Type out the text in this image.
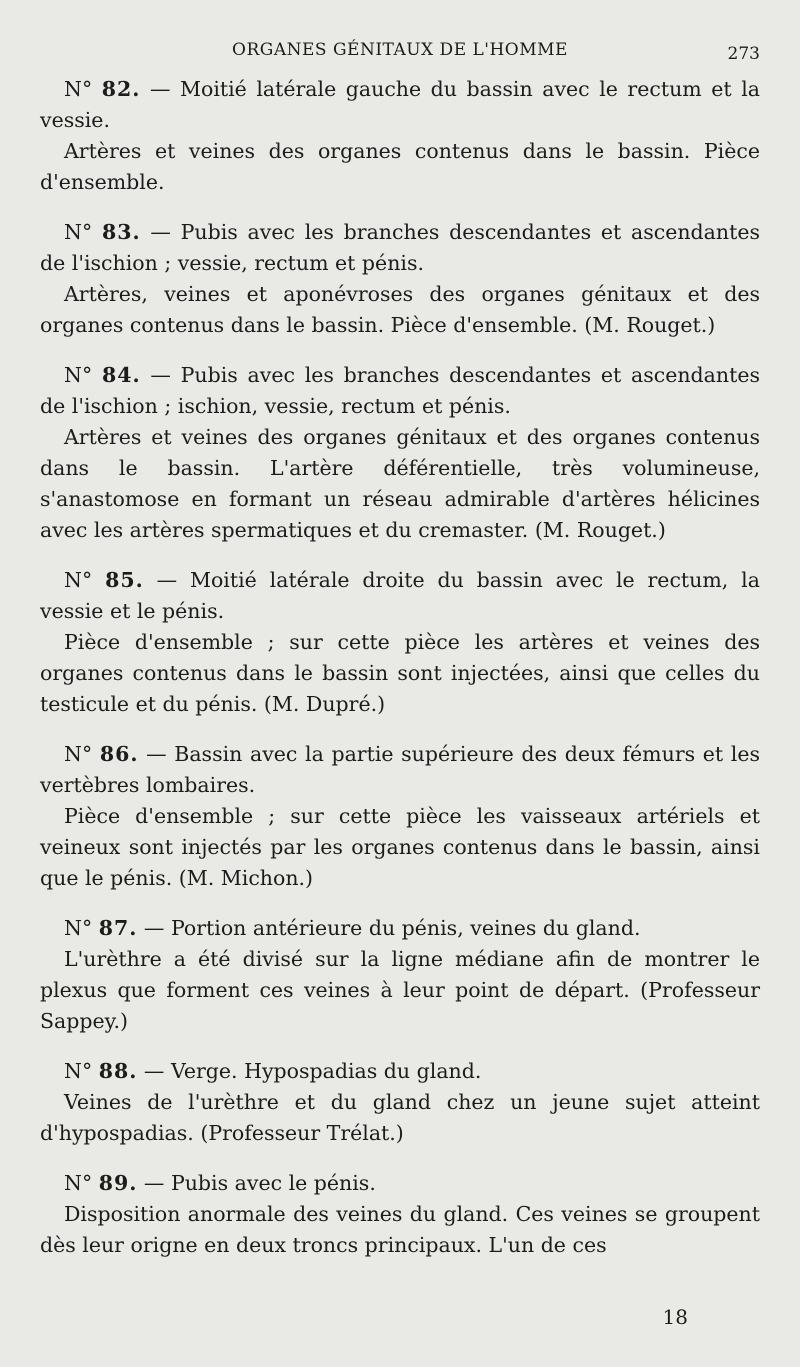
ORGANES GÉNITAUX DE L'HOMME	273

N° 82. — Moitié latérale gauche du bassin avec le rectum et la vessie.

Artères et veines des organes contenus dans le bassin. Pièce d'ensemble.

N° 83. — Pubis avec les branches descendantes et ascendantes de l'ischion ; vessie, rectum et pénis.

Artères, veines et aponévroses des organes génitaux et des organes contenus dans le bassin. Pièce d'ensemble. (M. Rouget.)

N° 84. — Pubis avec les branches descendantes et ascendantes de l'ischion ; ischion, vessie, rectum et pénis.

Artères et veines des organes génitaux et des organes contenus dans le bassin. L'artère déférentielle, très volumineuse, s'anastomose en formant un réseau admirable d'artères hélicines avec les artères spermatiques et du cremaster. (M. Rouget.)

N° 85. — Moitié latérale droite du bassin avec le rectum, la vessie et le pénis.

Pièce d'ensemble ; sur cette pièce les artères et veines des organes contenus dans le bassin sont injectées, ainsi que celles du testicule et du pénis. (M. Dupré.)

N° 86. — Bassin avec la partie supérieure des deux fémurs et les vertèbres lombaires.

Pièce d'ensemble ; sur cette pièce les vaisseaux artériels et veineux sont injectés par les organes contenus dans le bassin, ainsi que le pénis. (M. Michon.)

N° 87. — Portion antérieure du pénis, veines du gland.

L'urèthre a été divisé sur la ligne médiane afin de montrer le plexus que forment ces veines à leur point de départ. (Professeur Sappey.)

N° 88. — Verge. Hypospadias du gland.

Veines de l'urèthre et du gland chez un jeune sujet atteint d'hypospadias. (Professeur Trélat.)

N° 89. — Pubis avec le pénis.

Disposition anormale des veines du gland. Ces veines se groupent dès leur origne en deux troncs principaux. L'un de ces

18
